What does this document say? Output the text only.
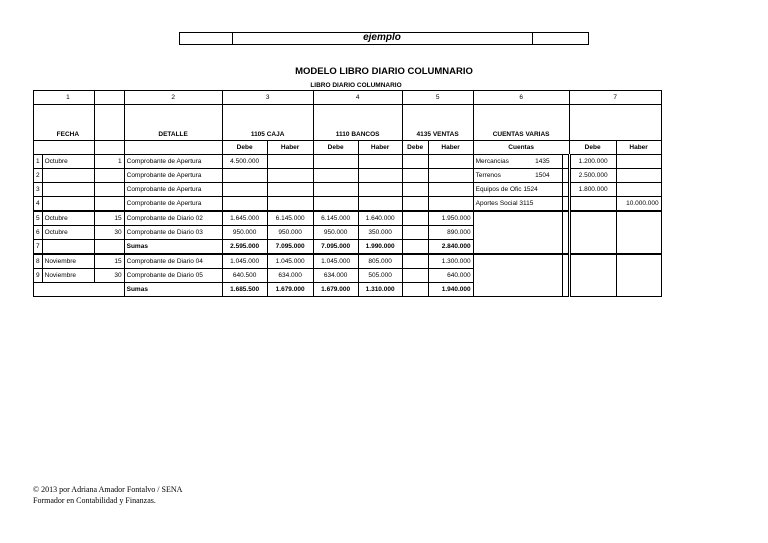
ejemplo
MODELO LIBRO DIARIO COLUMNARIO
LIBRO DIARIO COLUMNARIO
	1		2	3		4		5		6		7	
	FECHA		DETALLE	1105 CAJA		1110 BANCOS		4135 VENTAS		CUENTAS VARIAS			
				Debe	Haber	Debe	Haber	Debe	Haber	Cuentas		Debe	Haber
1	Octubre	1	Comprobante de Apertura	4.500.000						Mercancias 1435		1.200.000	
2			Comprobante de Apertura							Terrenos 1504		2.500.000	
3			Comprobante de Apertura							Equipos de Ofic 1524		1.800.000	
4			Comprobante de Apertura							Aportes Social 3115			10.000.000
5	Octubre	15	Comprobante de Diario 02	1.645.000	6.145.000	6.145.000	1.640.000		1.950.000				
6	Octubre	30	Comprobante de Diario 03	950.000	950.000	950.000	350.000		890.000				
7			Sumas	2.595.000	7.095.000	7.095.000	1.990.000		2.840.000				
8	Noviembre	15	Comprobante de Diario 04	1.045.000	1.045.000	1.045.000	805.000		1.300.000				
9	Noviembre	30	Comprobante de Diario 05	640.500	634.000	634.000	505.000		640.000				
			Sumas	1.685.500	1.679.000	1.679.000	1.310.000		1.940.000				
© 2013 por Adriana Amador Fontalvo / SENA
Formador en Contabilidad y Finanzas.
